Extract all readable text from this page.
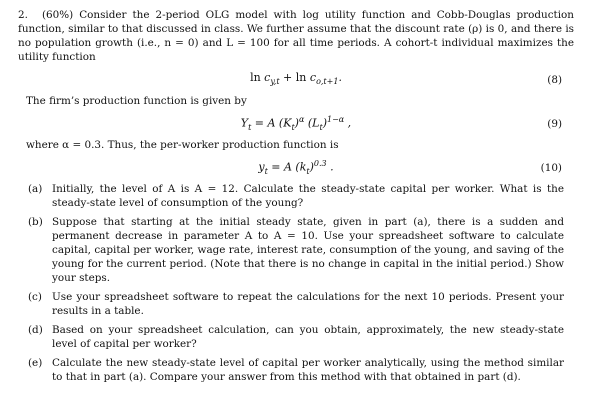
2. (60%) Consider the 2-period OLG model with log utility function and Cobb-Douglas production function, similar to that discussed in class. We further assume that the discount rate (ρ) is 0, and there is no population growth (i.e., n = 0) and L = 100 for all time periods. A cohort-t individual maximizes the utility function

$\ln c_{y,t} + \ln c_{o,t+1}$.	(8)
The firm’s production function is given by
$Y_t = A$ $(K_t)^\alpha$ $(L_t)^{1-\alpha}$ ,	(9)
where α = 0.3. Thus, the per-worker production function is
$y_t = A$ $(k_t)^{0.3}$ .	(10)
(a) Initially, the level of A is A = 12. Calculate the steady-state capital per worker. What is the steady-state level of consumption of the young?
(b) Suppose that starting at the initial steady state, given in part (a), there is a sudden and permanent decrease in parameter A to A = 10. Use your spreadsheet software to calculate capital, capital per worker, wage rate, interest rate, consumption of the young, and saving of the young for the current period. (Note that there is no change in capital in the initial period.) Show your steps.
(c) Use your spreadsheet software to repeat the calculations for the next 10 periods. Present your results in a table.
(d) Based on your spreadsheet calculation, can you obtain, approximately, the new steady-state level of capital per worker?
(e) Calculate the new steady-state level of capital per worker analytically, using the method similar to that in part (a). Compare your answer from this method with that obtained in part (d).
